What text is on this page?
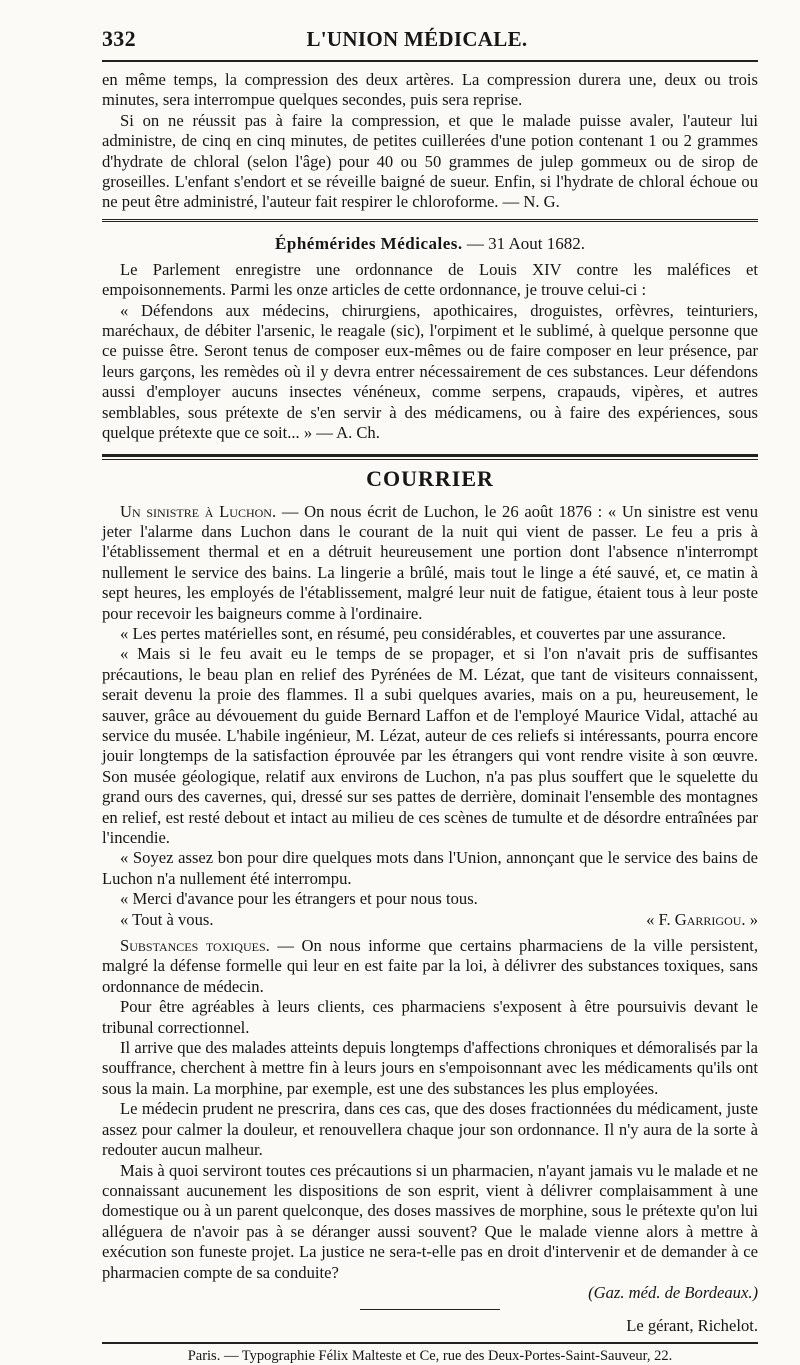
332	L'UNION MÉDICALE.

en même temps, la compression des deux artères. La compression durera une, deux ou trois minutes, sera interrompue quelques secondes, puis sera reprise.

Si on ne réussit pas à faire la compression, et que le malade puisse avaler, l'auteur lui administre, de cinq en cinq minutes, de petites cuillerées d'une potion contenant 1 ou 2 grammes d'hydrate de chloral (selon l'âge) pour 40 ou 50 grammes de julep gommeux ou de sirop de groseilles. L'enfant s'endort et se réveille baigné de sueur. Enfin, si l'hydrate de chloral échoue ou ne peut être administré, l'auteur fait respirer le chloroforme. — N. G.

Éphémérides Médicales. — 31 Aout 1682.

Le Parlement enregistre une ordonnance de Louis XIV contre les maléfices et empoisonnements. Parmi les onze articles de cette ordonnance, je trouve celui-ci :

« Défendons aux médecins, chirurgiens, apothicaires, droguistes, orfèvres, teinturiers, maréchaux, de débiter l'arsenic, le reagale (sic), l'orpiment et le sublimé, à quelque personne que ce puisse être. Seront tenus de composer eux-mêmes ou de faire composer en leur présence, par leurs garçons, les remèdes où il y devra entrer nécessairement de ces substances. Leur défendons aussi d'employer aucuns insectes vénéneux, comme serpens, crapauds, vipères, et autres semblables, sous prétexte de s'en servir à des médicamens, ou à faire des expériences, sous quelque prétexte que ce soit... » — A. Ch.

COURRIER

Un sinistre à Luchon. — On nous écrit de Luchon, le 26 août 1876 : « Un sinistre est venu jeter l'alarme dans Luchon dans le courant de la nuit qui vient de passer. Le feu a pris à l'établissement thermal et en a détruit heureusement une portion dont l'absence n'interrompt nullement le service des bains. La lingerie a brûlé, mais tout le linge a été sauvé, et, ce matin à sept heures, les employés de l'établissement, malgré leur nuit de fatigue, étaient tous à leur poste pour recevoir les baigneurs comme à l'ordinaire.

« Les pertes matérielles sont, en résumé, peu considérables, et couvertes par une assurance.

« Mais si le feu avait eu le temps de se propager, et si l'on n'avait pris de suffisantes précautions, le beau plan en relief des Pyrénées de M. Lézat, que tant de visiteurs connaissent, serait devenu la proie des flammes. Il a subi quelques avaries, mais on a pu, heureusement, le sauver, grâce au dévouement du guide Bernard Laffon et de l'employé Maurice Vidal, attaché au service du musée. L'habile ingénieur, M. Lézat, auteur de ces reliefs si intéressants, pourra encore jouir longtemps de la satisfaction éprouvée par les étrangers qui vont rendre visite à son œuvre. Son musée géologique, relatif aux environs de Luchon, n'a pas plus souffert que le squelette du grand ours des cavernes, qui, dressé sur ses pattes de derrière, dominait l'ensemble des montagnes en relief, est resté debout et intact au milieu de ces scènes de tumulte et de désordre entraînées par l'incendie.

« Soyez assez bon pour dire quelques mots dans l'Union, annonçant que le service des bains de Luchon n'a nullement été interrompu.

« Merci d'avance pour les étrangers et pour nous tous.

« Tout à vous.	« F. Garrigou. »

Substances toxiques. — On nous informe que certains pharmaciens de la ville persistent, malgré la défense formelle qui leur en est faite par la loi, à délivrer des substances toxiques, sans ordonnance de médecin.

Pour être agréables à leurs clients, ces pharmaciens s'exposent à être poursuivis devant le tribunal correctionnel.

Il arrive que des malades atteints depuis longtemps d'affections chroniques et démoralisés par la souffrance, cherchent à mettre fin à leurs jours en s'empoisonnant avec les médicaments qu'ils ont sous la main. La morphine, par exemple, est une des substances les plus employées.

Le médecin prudent ne prescrira, dans ces cas, que des doses fractionnées du médicament, juste assez pour calmer la douleur, et renouvellera chaque jour son ordonnance. Il n'y aura de la sorte à redouter aucun malheur.

Mais à quoi serviront toutes ces précautions si un pharmacien, n'ayant jamais vu le malade et ne connaissant aucunement les dispositions de son esprit, vient à délivrer complaisamment à une domestique ou à un parent quelconque, des doses massives de morphine, sous le prétexte qu'on lui alléguera de n'avoir pas à se déranger aussi souvent? Que le malade vienne alors à mettre à exécution son funeste projet. La justice ne sera-t-elle pas en droit d'intervenir et de demander à ce pharmacien compte de sa conduite?

(Gaz. méd. de Bordeaux.)

Le gérant, Richelot.
Paris. — Typographie Félix Malteste et Ce, rue des Deux-Portes-Saint-Sauveur, 22.
